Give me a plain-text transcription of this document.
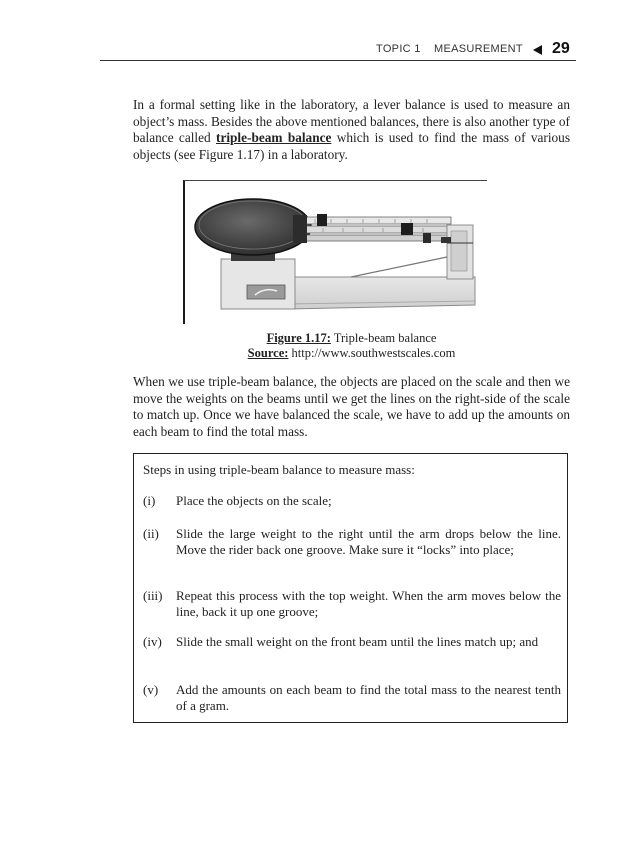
TOPIC 1 MEASUREMENT 29

In a formal setting like in the laboratory, a lever balance is used to measure an object’s mass. Besides the above mentioned balances, there is also another type of balance called triple-beam balance which is used to find the mass of various objects (see Figure 1.17) in a laboratory.

Figure 1.17: Triple-beam balance
Source: http://www.southwestscales.com

When we use triple-beam balance, the objects are placed on the scale and then we move the weights on the beams until we get the lines on the right-side of the scale to match up. Once we have balanced the scale, we have to add up the amounts on each beam to find the total mass.

Steps in using triple-beam balance to measure mass:
(i) Place the objects on the scale;
(ii) Slide the large weight to the right until the arm drops below the line. Move the rider back one groove. Make sure it “locks” into place;
(iii) Repeat this process with the top weight. When the arm moves below the line, back it up one groove;
(iv) Slide the small weight on the front beam until the lines match up; and
(v) Add the amounts on each beam to find the total mass to the nearest tenth of a gram.
